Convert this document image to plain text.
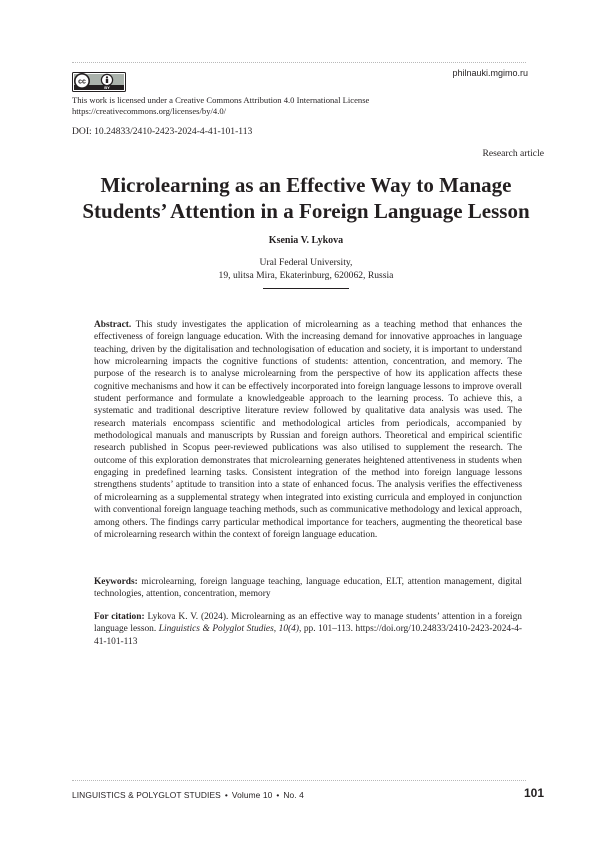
philnauki.mgimo.ru
cc
BY
This work is licensed under a Creative Commons Attribution 4.0 International License
https://creativecommons.org/licenses/by/4.0/
DOI: 10.24833/2410-2423-2024-4-41-101-113
Research article
Microlearning as an Effective Way to Manage
Students’ Attention in a Foreign Language Lesson
Ksenia V. Lykova
Ural Federal University,
19, ulitsa Mira, Ekaterinburg, 620062, Russia
Abstract. This study investigates the application of microlearning as a teaching method that enhances the effectiveness of foreign language education. With the increasing demand for innovative approaches in language teaching, driven by the digitalisation and technologisation of education and society, it is important to understand how microlearning impacts the cognitive functions of students: attention, concentration, and memory. The purpose of the research is to analyse microlearning from the perspective of how its application affects these cognitive mechanisms and how it can be effectively incorporated into foreign language lessons to improve overall student performance and formulate a knowledgeable approach to the learning process. To achieve this, a systematic and traditional descriptive literature review followed by qualitative data analysis was used. The research materials encompass scientific and methodological articles from periodicals, accompanied by methodological manuals and manuscripts by Russian and foreign authors. Theoretical and empirical scientific research published in Scopus peer-reviewed publications was also utilised to supplement the research. The outcome of this exploration demonstrates that microlearning generates heightened attentiveness in students when engaging in predefined learning tasks. Consistent integration of the method into foreign language lessons strengthens students’ aptitude to transition into a state of enhanced focus. The analysis verifies the effectiveness of microlearning as a supplemental strategy when integrated into existing curricula and employed in conjunction with conventional foreign language teaching methods, such as communicative methodology and lexical approach, among others. The findings carry particular methodical importance for teachers, augmenting the theoretical base of microlearning research within the context of foreign language education.
Keywords: microlearning, foreign language teaching, language education, ELT, attention management, digital technologies, attention, concentration, memory
For citation: Lykova K. V. (2024). Microlearning as an effective way to manage students’ attention in a foreign language lesson. Linguistics & Polyglot Studies, 10(4), pp. 101–113. https://doi.org/10.24833/2410-2423-2024-4-41-101-113
LINGUISTICS & POLYGLOT STUDIES • Volume 10 • No. 4	101
